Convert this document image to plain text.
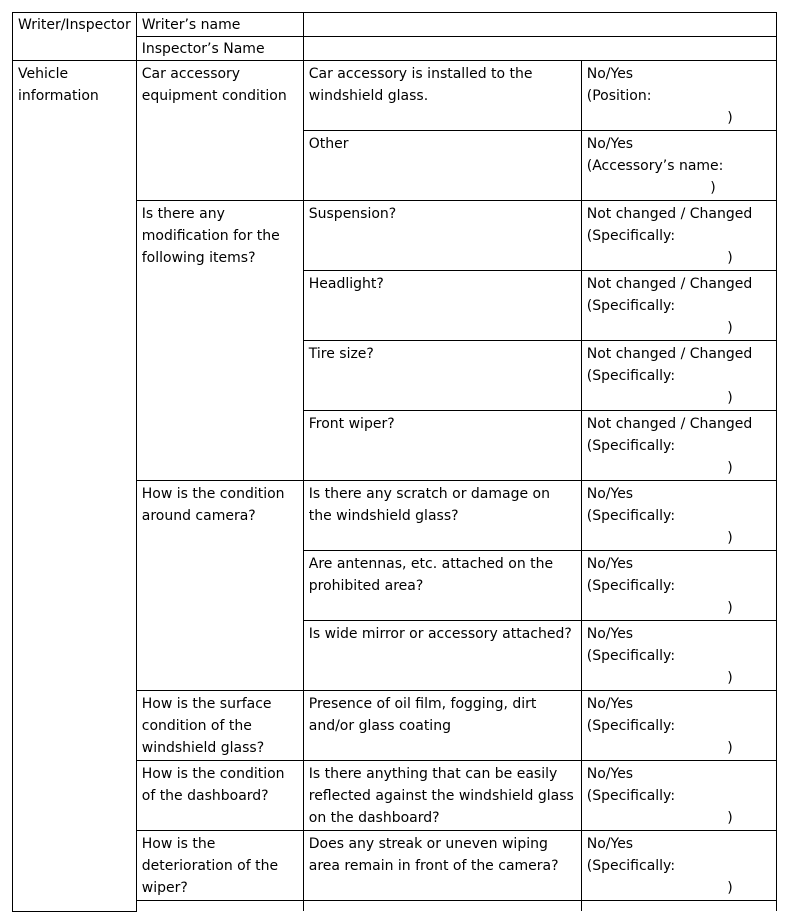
Writer/Inspector	Writer’s name		
	Inspector’s Name		
Vehicle information	Car accessory equipment condition	Car accessory is installed to the windshield glass.	No/Yes
(Position:
)

		Other	No/Yes
(Accessory’s name:
)

	Is there any modification for the following items?	Suspension?	Not changed / Changed
(Specifically:
)

		Headlight?	Not changed / Changed
(Specifically:
)

		Tire size?	Not changed / Changed
(Specifically:
)

		Front wiper?	Not changed / Changed
(Specifically:
)

	How is the condition around camera?	Is there any scratch or damage on the windshield glass?	No/Yes
(Specifically:
)

		Are antennas, etc. attached on the prohibited area?	No/Yes
(Specifically:
)

		Is wide mirror or accessory attached?	No/Yes
(Specifically:
)

	How is the surface condition of the windshield glass?	Presence of oil film, fogging, dirt and/or glass coating	No/Yes
(Specifically:
)

	How is the condition of the dashboard?	Is there anything that can be easily reflected against the windshield glass on the dashboard?	No/Yes
(Specifically:
)

	How is the deterioration of the wiper?	Does any streak or uneven wiping area remain in front of the camera?	No/Yes
(Specifically:
)
